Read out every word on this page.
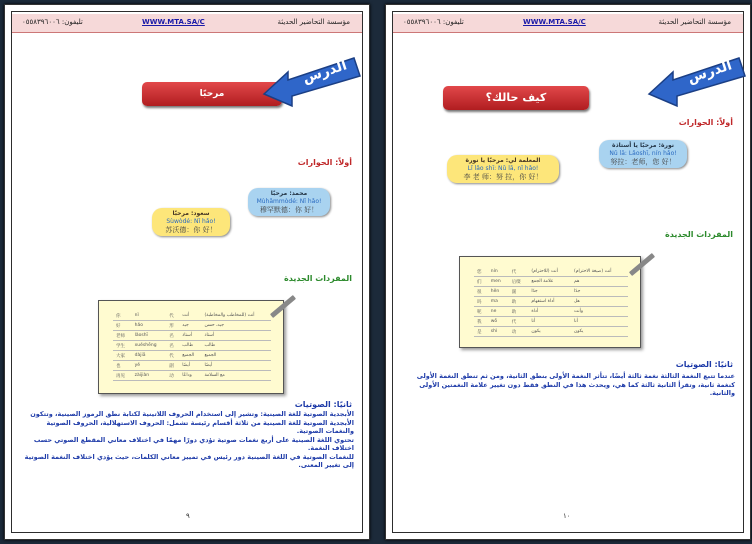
تليفون: ٠٥٥٨٣٩٦٠٠٦	WWW.MTA.SA/C	مؤسسة التحاضير الحديثة
مرحبًا
الدرس
أولاً: الحوارات
محمد: مرحبًا
Mùhǎmmòdé: Nǐ hǎo!
穆罕默德：你 好！
سعود: مرحبًا
Sùwòdé: Nǐ hǎo!
苏沃德：你 好！
المفردات الجديدة
你	nǐ	代	أنت	أنت (للمخاطب والمخاطبة)
好	hǎo	形	جيد	جيد، حسن
老师	lǎoshī	名	أستاذ	أستاذ
学生	xuéshēng	名	طالب	طالب
大家	dàjiā	代	الجميع	الجميع
也	yě	副	أيضًا	أيضًا
再见	zàijiàn	动	وداعًا	مع السلامة
ثانيًا: الصوتيات
الأبجدية الصوتية للغة الصينية: وتشير إلى استخدام الحروف اللاتينية لكتابة نطق الرموز الصينية، وتتكون الأبجدية الصوتية للغة الصينية من ثلاثة أقسام رئيسة تشمل: الحروف الاستهلالية، الحروف الصوتية والنغمات الصوتية.
تحتوي اللغة الصينية على أربع نغمات صوتية تؤدي دورًا مهمًا في اختلاف معاني المقطع الصوتي حسب اختلاف النغمة.
للنغمات الصوتية في اللغة الصينية دور رئيس في تمييز معاني الكلمات، حيث يؤدي اختلاف النغمة الصوتية إلى تغيير المعنى.
٩
تليفون: ٠٥٥٨٣٩٦٠٠٦	WWW.MTA.SA/C	مؤسسة التحاضير الحديثة
كيف حالك؟
الدرس
أولاً: الحوارات
نورة: مرحبًا يا أستاذة
Nǔ lā: Lǎoshī, nín hǎo!
努拉：老师，您 好！
المعلمة لي: مرحبًا يا نورة
Lǐ lǎo shī: Nǔ lā, nǐ hǎo!
李 老 师：努 拉，你 好！
المفردات الجديدة
您	nín	代	أنت (للاحترام)	أنت (صيغة الاحترام)
们	men	后缀	علامة الجمع	هم
很	hěn	副	جدًا	جدًا
吗	ma	助	أداة استفهام	هل
呢	ne	助	أداة	وأنت
我	wǒ	代	أنا	أنا
是	shì	动	يكون	يكون
ثانيًا: الصوتيات
عندما تتبع النغمة الثالثة نغمة ثالثة أيضًا، تتأثر النغمة الأولى بنطق الثانية، ومن ثم تنطق النغمة الأولى كنغمة ثانية، وتقرأ الثانية ثالثة كما هي، ويحدث هذا في النطق فقط دون تغيير علامة النغمتين الأولى والثانية.
١٠
